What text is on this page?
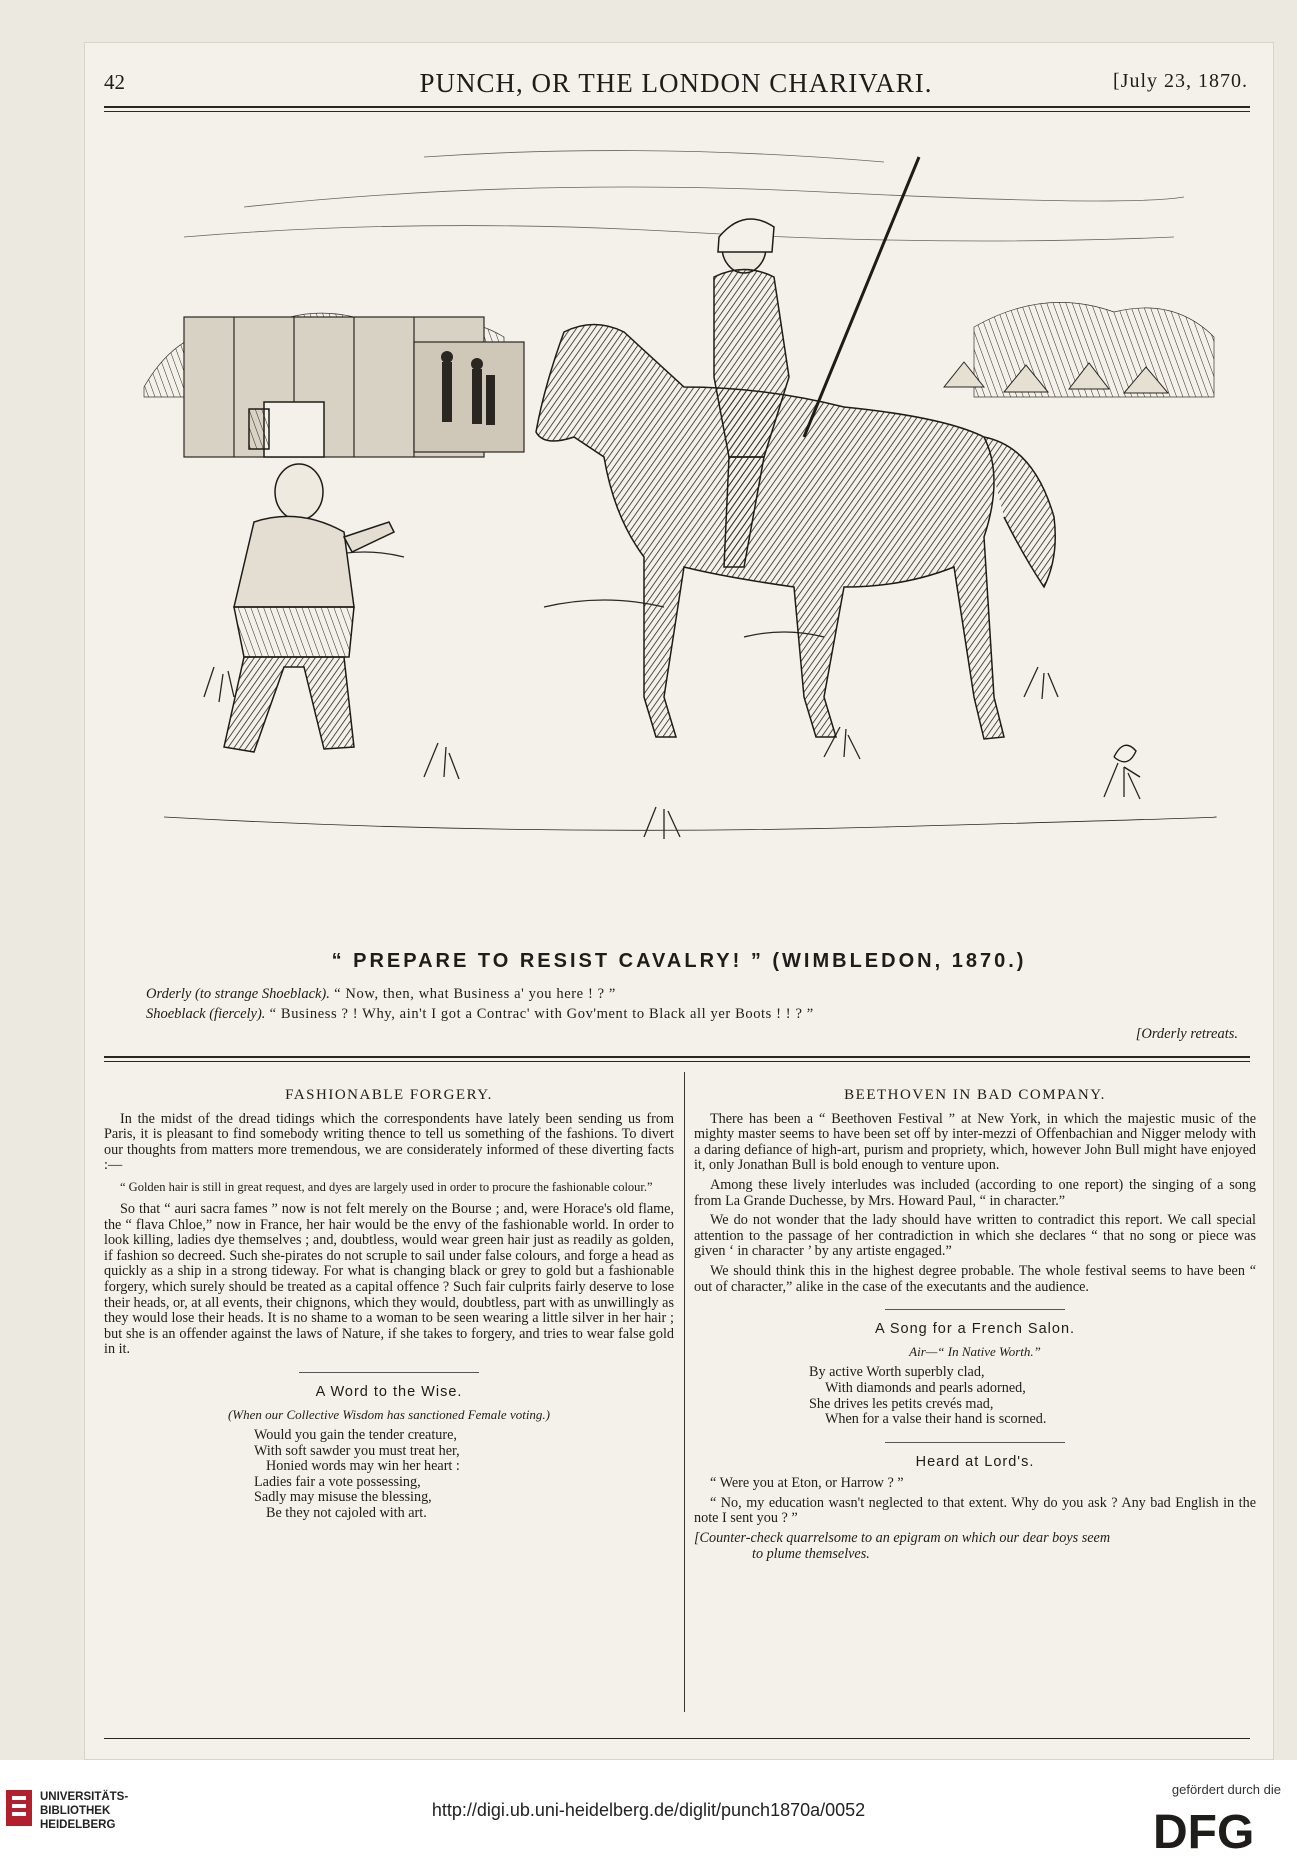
42	PUNCH, OR THE LONDON CHARIVARI.	[July 23, 1870.
“ PREPARE TO RESIST CAVALRY! ” (WIMBLEDON, 1870.)
Orderly (to strange Shoeblack). “ Now, then, what Business a' you here ! ? ”
Shoeblack (fiercely). “ Business ? ! Why, ain't I got a Contrac' with Gov'ment to Black all yer Boots ! ! ? ”
[Orderly retreats.
FASHIONABLE FORGERY.

In the midst of the dread tidings which the correspondents have lately been sending us from Paris, it is pleasant to find somebody writing thence to tell us something of the fashions. To divert our thoughts from matters more tremendous, we are considerately informed of these diverting facts :—

“ Golden hair is still in great request, and dyes are largely used in order to procure the fashionable colour.”

So that “ auri sacra fames ” now is not felt merely on the Bourse ; and, were Horace's old flame, the “ flava Chloe,” now in France, her hair would be the envy of the fashionable world. In order to look killing, ladies dye themselves ; and, doubtless, would wear green hair just as readily as golden, if fashion so decreed. Such she-pirates do not scruple to sail under false colours, and forge a head as quickly as a ship in a strong tideway. For what is changing black or grey to gold but a fashionable forgery, which surely should be treated as a capital offence ? Such fair culprits fairly deserve to lose their heads, or, at all events, their chignons, which they would, doubtless, part with as unwillingly as they would lose their heads. It is no shame to a woman to be seen wearing a little silver in her hair ; but she is an offender against the laws of Nature, if she takes to forgery, and tries to wear false gold in it.

A Word to the Wise.
(When our Collective Wisdom has sanctioned Female voting.)
Would you gain the tender creature,
With soft sawder you must treat her,
Honied words may win her heart :
Ladies fair a vote possessing,
Sadly may misuse the blessing,
Be they not cajoled with art.
BEETHOVEN IN BAD COMPANY.

There has been a “ Beethoven Festival ” at New York, in which the majestic music of the mighty master seems to have been set off by inter-mezzi of Offenbachian and Nigger melody with a daring defiance of high-art, purism and propriety, which, however John Bull might have enjoyed it, only Jonathan Bull is bold enough to venture upon.

Among these lively interludes was included (according to one report) the singing of a song from La Grande Duchesse, by Mrs. Howard Paul, “ in character.”

We do not wonder that the lady should have written to contradict this report. We call special attention to the passage of her contradiction in which she declares “ that no song or piece was given ‘ in character ’ by any artiste engaged.”

We should think this in the highest degree probable. The whole festival seems to have been “ out of character,” alike in the case of the executants and the audience.

A Song for a French Salon.
Air—“ In Native Worth.”
By active Worth superbly clad,
With diamonds and pearls adorned,
She drives les petits crevés mad,
When for a valse their hand is scorned.
Heard at Lord's.

“ Were you at Eton, or Harrow ? ”

“ No, my education wasn't neglected to that extent. Why do you ask ? Any bad English in the note I sent you ? ”

[Counter-check quarrelsome to an epigram on which our dear boys seem
to plume themselves.

UNIVERSITÄTS-
BIBLIOTHEK
HEIDELBERG
http://digi.ub.uni-heidelberg.de/diglit/punch1870a/0052
gefördert durch die
DFG
